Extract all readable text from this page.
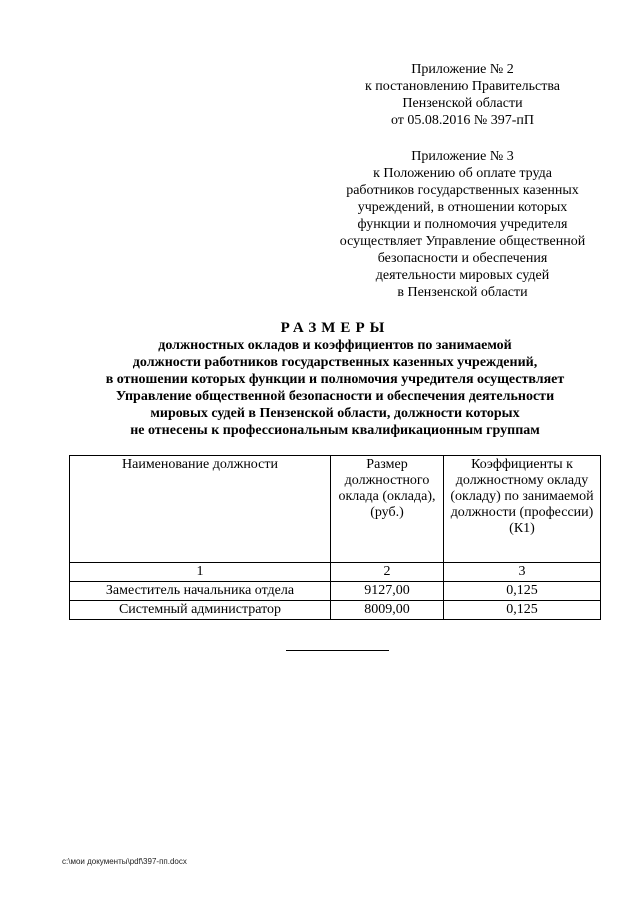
Приложение № 2
к постановлению Правительства
Пензенской области
от 05.08.2016 № 397-пП
Приложение № 3
к Положению об оплате труда
работников государственных казенных
учреждений, в отношении которых
функции и полномочия учредителя
осуществляет Управление общественной
безопасности и обеспечения
деятельности мировых судей
в Пензенской области
РАЗМЕРЫ
должностных окладов и коэффициентов по занимаемой
должности работников государственных казенных учреждений,
в отношении которых функции и полномочия учредителя осуществляет
Управление общественной безопасности и обеспечения деятельности
мировых судей в Пензенской области, должности которых
не отнесены к профессиональным квалификационным группам
Наименование должности	Размер должностного оклада (оклада), (руб.)	Коэффициенты к должностному окладу (окладу) по занимаемой должности (профессии) (К1)
1	2	3
Заместитель начальника отдела	9127,00	0,125
Системный администратор	8009,00	0,125
c:\мои документы\pdf\397-пп.docx
